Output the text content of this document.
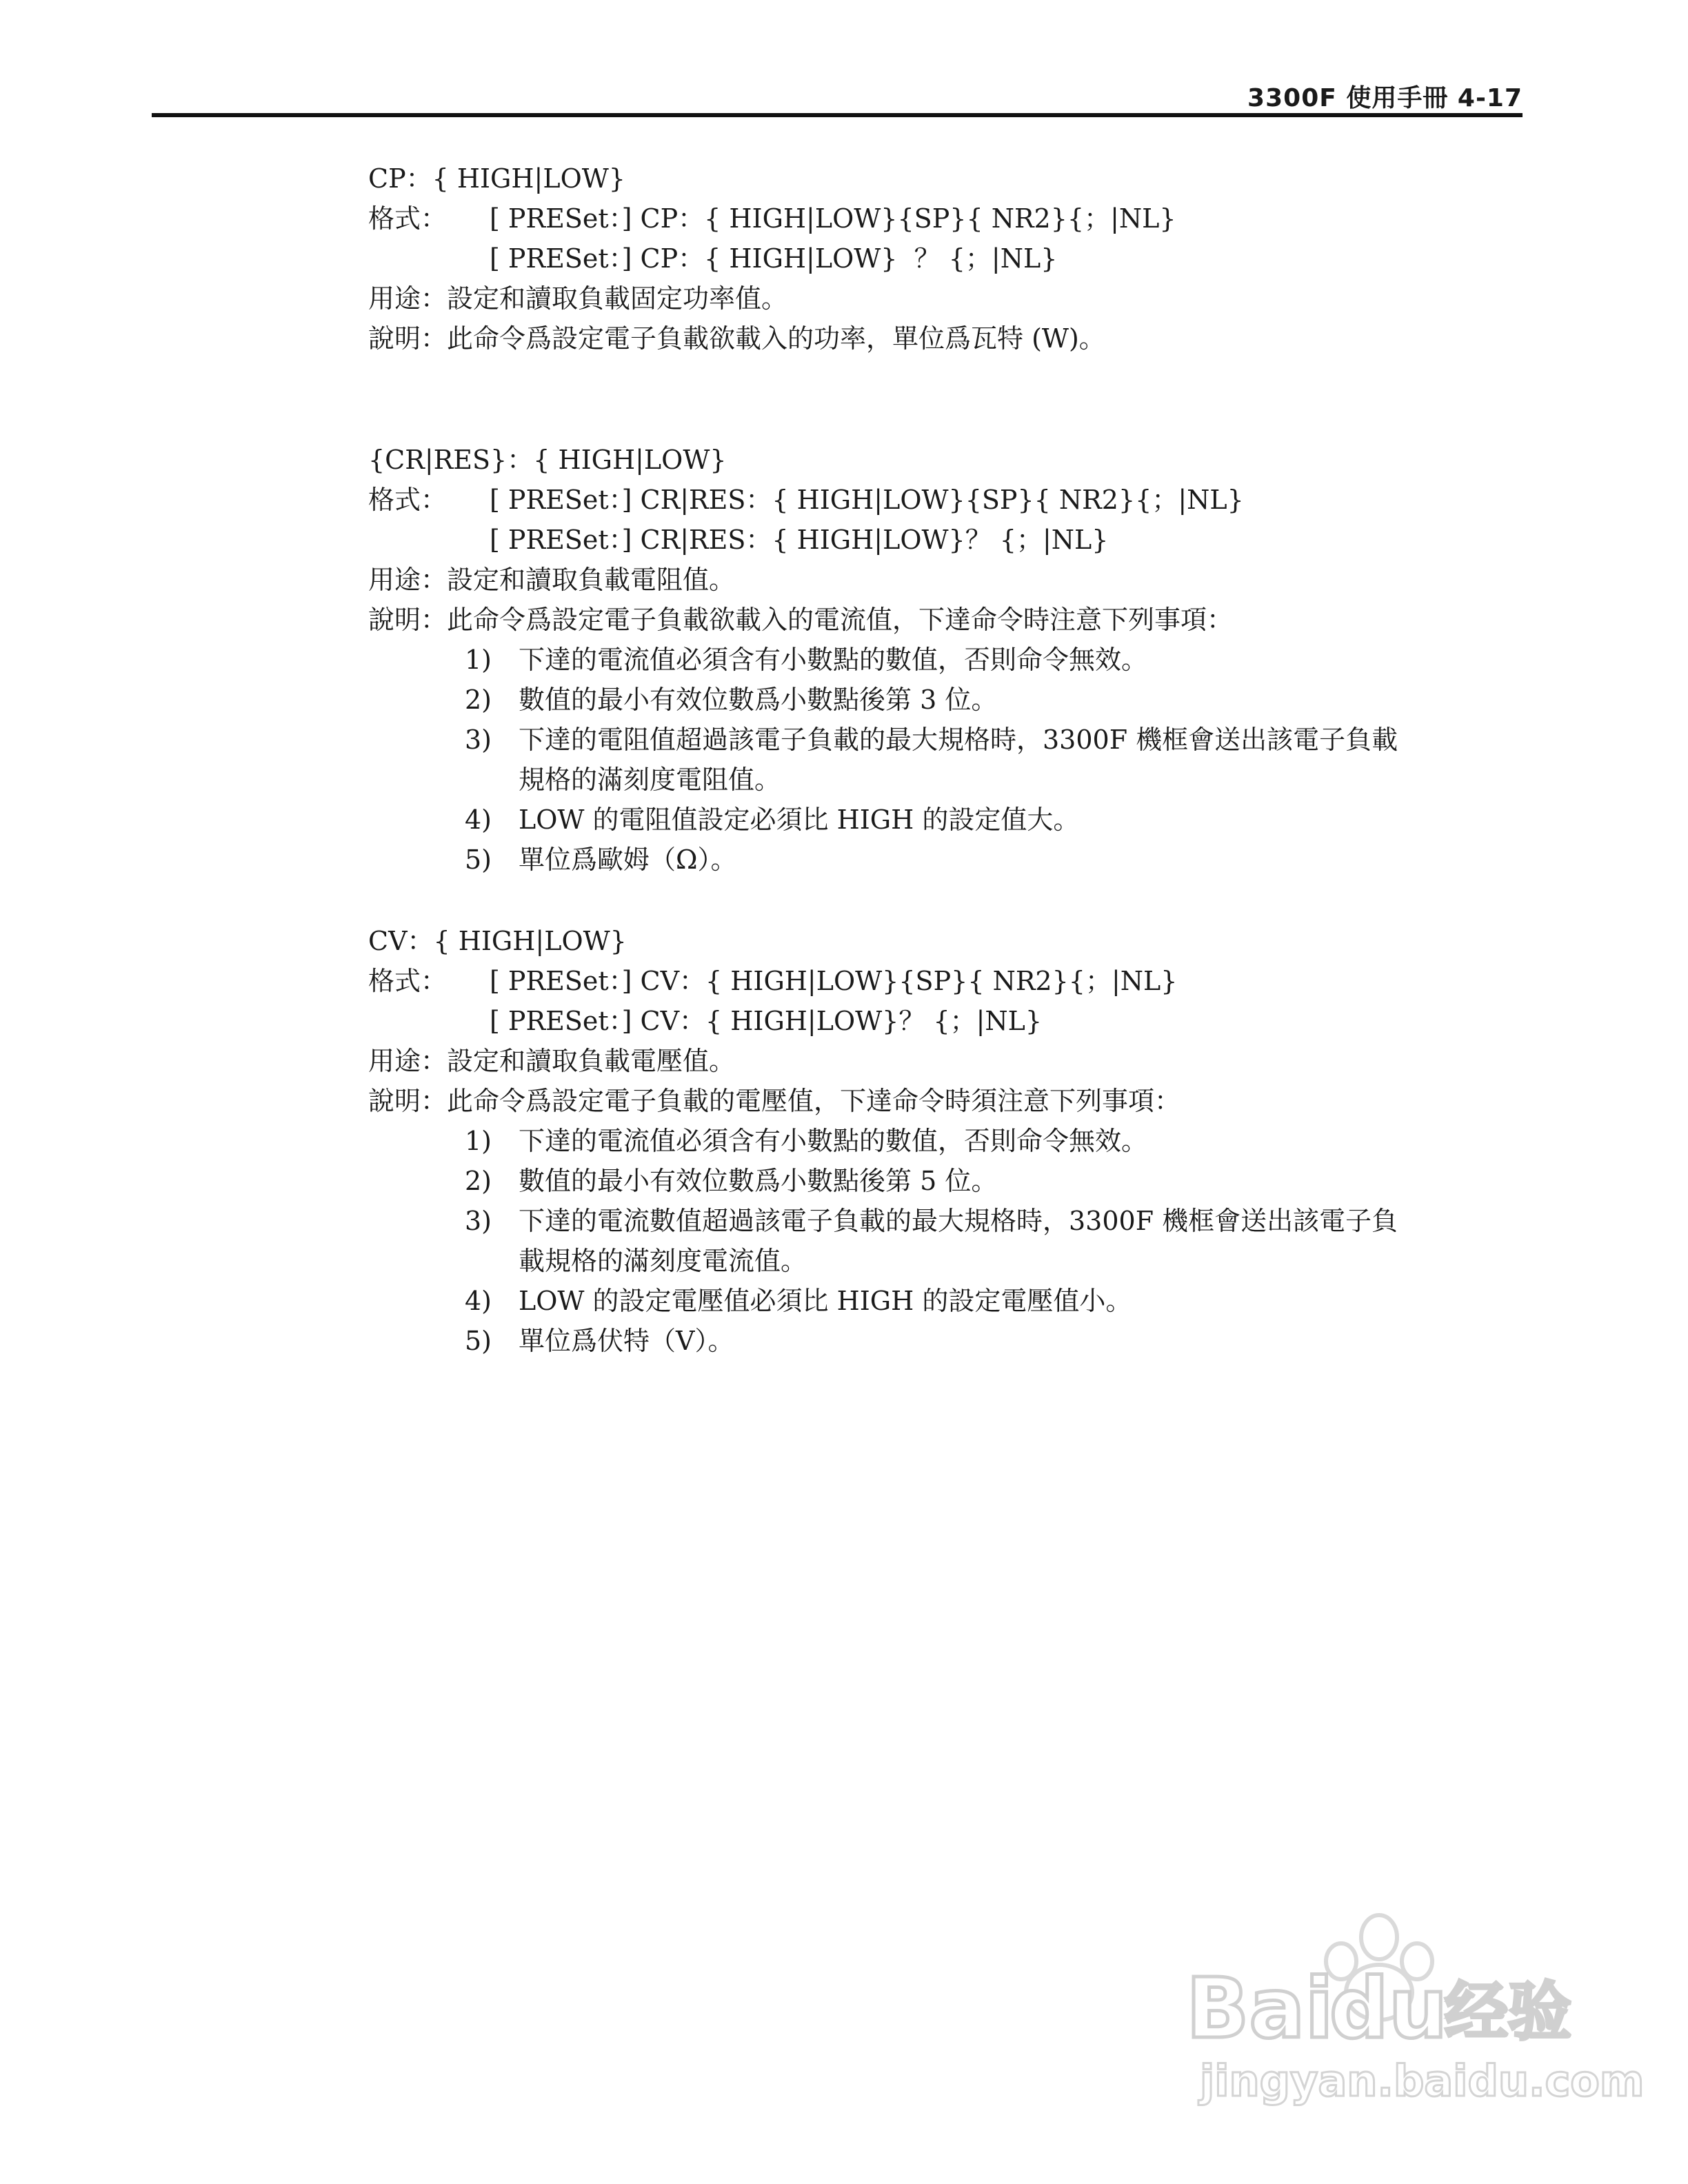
3300F 使用手冊 4-17
CP：{ HIGH|LOW}
格式： [ PRESet：] CP：{ HIGH|LOW}{SP}{ NR2}{；|NL}
[ PRESet：] CP：{ HIGH|LOW}  ？ {；|NL}
用途：設定和讀取負載固定功率值。
說明：此命令爲設定電子負載欲載入的功率，單位爲瓦特 (W)。
{CR|RES}：{ HIGH|LOW}
格式： [ PRESet：] CR|RES：{ HIGH|LOW}{SP}{ NR2}{；|NL}
[ PRESet：] CR|RES：{ HIGH|LOW}？ {；|NL}
用途：設定和讀取負載電阻值。
說明：此命令爲設定電子負載欲載入的電流值，下達命令時注意下列事項：
1)	下達的電流值必須含有小數點的數值，否則命令無效。
2)	數值的最小有效位數爲小數點後第 3 位。
3)	下達的電阻值超過該電子負載的最大規格時，3300F 機框會送出該電子負載
規格的滿刻度電阻值。
4)	LOW 的電阻值設定必須比 HIGH 的設定值大。
5)	單位爲歐姆（Ω）。
CV：{ HIGH|LOW}
格式： [ PRESet：] CV：{ HIGH|LOW}{SP}{ NR2}{；|NL}
[ PRESet：] CV：{ HIGH|LOW}？ {；|NL}
用途：設定和讀取負載電壓值。
說明：此命令爲設定電子負載的電壓值，下達命令時須注意下列事項：
1)	下達的電流值必須含有小數點的數值，否則命令無效。
2)	數值的最小有效位數爲小數點後第 5 位。
3)	下達的電流數值超過該電子負載的最大規格時，3300F 機框會送出該電子負
載規格的滿刻度電流值。
4)	LOW 的設定電壓值必須比 HIGH 的設定電壓值小。
5)	單位爲伏特（V）。
Bai
du
经验
jingyan.baidu.com
